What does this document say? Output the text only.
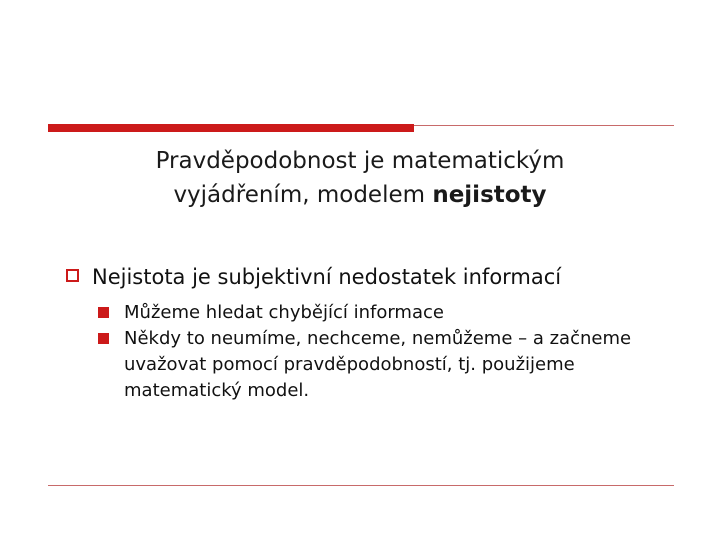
Pravděpodobnost je matematickým
vyjádřením, modelem nejistoty
Nejistota je subjektivní nedostatek informací
Můžeme hledat chybějící informace
Někdy to neumíme, nechceme, nemůžeme – a začneme uvažovat pomocí pravděpodobností, tj. použijeme matematický model.
